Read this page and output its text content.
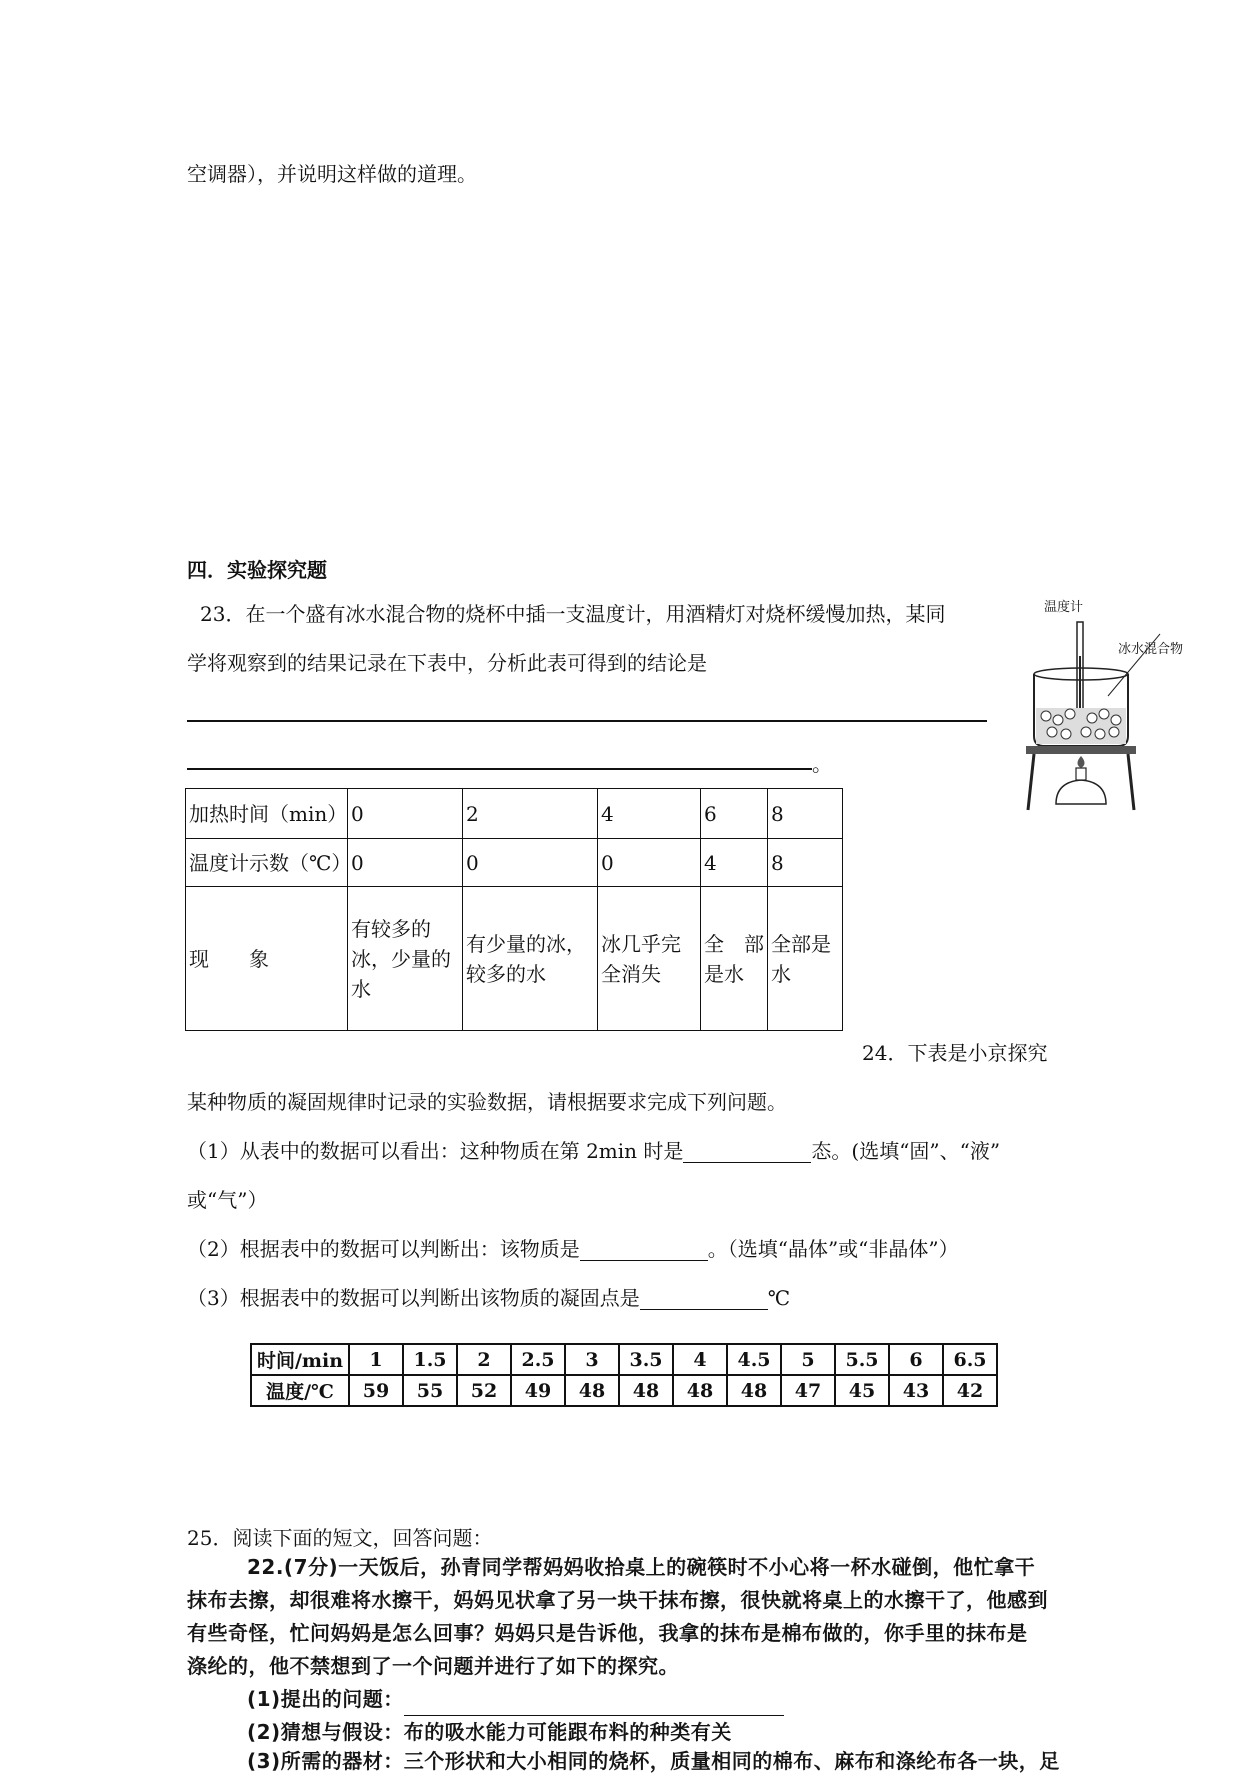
空调器），并说明这样做的道理。
四．实验探究题
23．在一个盛有冰水混合物的烧杯中插一支温度计，用酒精灯对烧杯缓慢加热，某同
学将观察到的结果记录在下表中，分析此表可得到的结论是
。
温度计
冰水混合物
加热时间（min）	0	2	4	6	8
温度计示数（℃）	0	0	0	4	8
现　　象	有较多的冰，少量的水	有少量的冰，较多的水	冰几乎完全消失	全　部是水	全部是水
24．下表是小京探究
某种物质的凝固规律时记录的实验数据，请根据要求完成下列问题。
（1）从表中的数据可以看出：这种物质在第 2min 时是	态。(选填“固”、“液”
或“气”）
（2）根据表中的数据可以判断出：该物质是	。（选填“晶体”或“非晶体”）
（3）根据表中的数据可以判断出该物质的凝固点是	℃
时间/min	1	1.5	2	2.5	3	3.5	4	4.5	5	5.5	6	6.5
温度/℃	59	55	52	49	48	48	48	48	47	45	43	42
25．阅读下面的短文，回答问题：
22.(7分)一天饭后，孙青同学帮妈妈收拾桌上的碗筷时不小心将一杯水碰倒，他忙拿干
抹布去擦，却很难将水擦干，妈妈见状拿了另一块干抹布擦，很快就将桌上的水擦干了，他感到
有些奇怪，忙问妈妈是怎么回事？妈妈只是告诉他，我拿的抹布是棉布做的，你手里的抹布是
涤纶的，他不禁想到了一个问题并进行了如下的探究。
(1)提出的问题：
(2)猜想与假设：布的吸水能力可能跟布料的种类有关
(3)所需的器材：三个形状和大小相同的烧杯，质量相同的棉布、麻布和涤纶布各一块，足
